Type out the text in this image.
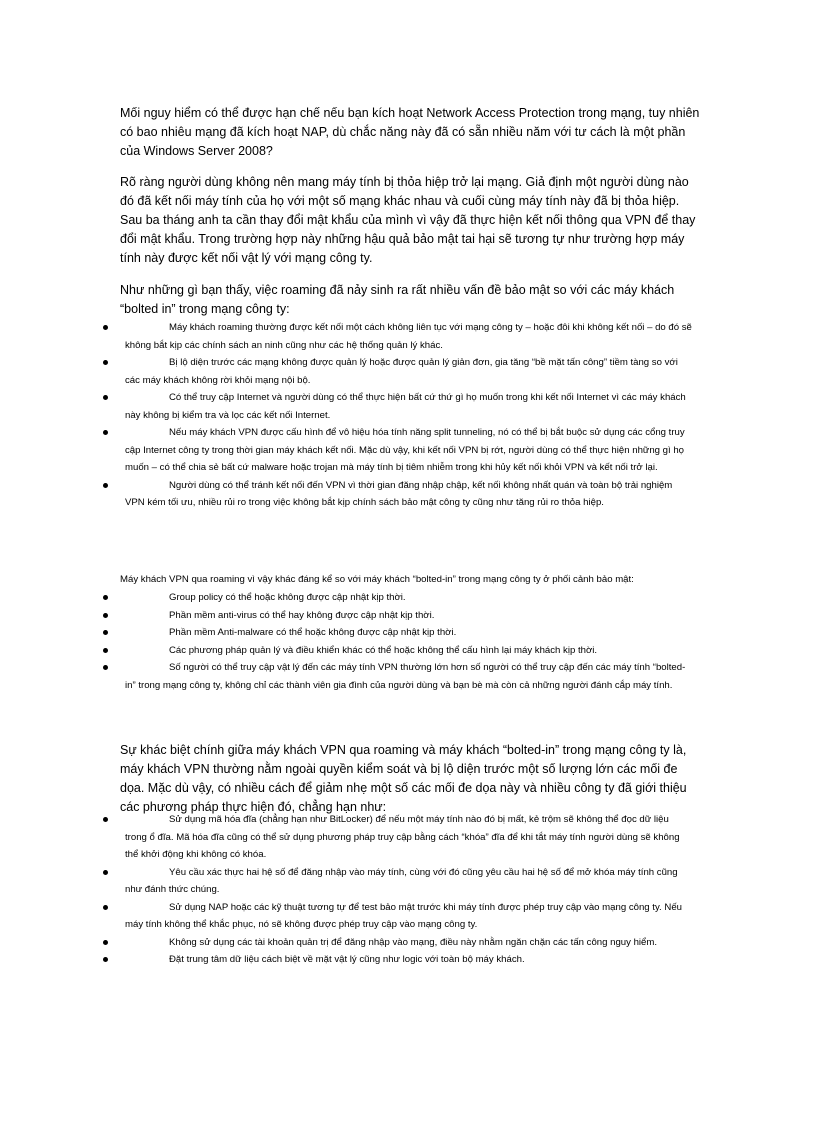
Mối nguy hiểm có thể được hạn chế nếu bạn kích hoạt Network Access Protection trong mạng, tuy nhiên có bao nhiêu mạng đã kích hoạt NAP, dù chắc năng này đã có sẵn nhiều năm với tư cách là một phần của Windows Server 2008?
Rõ ràng người dùng không nên mang máy tính bị thỏa hiệp trở lại mạng. Giả định một người dùng nào đó đã kết nối máy tính của họ với một số mạng khác nhau và cuối cùng máy tính này đã bị thỏa hiệp. Sau ba tháng anh ta cần thay đổi mật khẩu của mình vì vậy đã thực hiện kết nối thông qua VPN để thay đổi mật khẩu. Trong trường hợp này những hậu quả bảo mật tai hại sẽ tương tự như trường hợp máy tính này được kết nối vật lý với mạng công ty.
Như những gì bạn thấy, việc roaming đã nảy sinh ra rất nhiều vấn đề bảo mật so với các máy khách “bolted in” trong mạng công ty:
Máy khách roaming thường được kết nối một cách không liên tục với mạng công ty – hoặc đôi khi không kết nối – do đó sẽ không bắt kịp các chính sách an ninh cũng như các hệ thống quản lý khác.
Bị lộ diện trước các mạng không được quản lý hoặc được quản lý giản đơn, gia tăng “bề mặt tấn công” tiềm tàng so với các máy khách không rời khỏi mạng nội bộ.
Có thể truy cập Internet và người dùng có thể thực hiện bất cứ thứ gì họ muốn trong khi kết nối Internet vì các máy khách này không bị kiểm tra và lọc các kết nối Internet.
Nếu máy khách VPN được cấu hình để vô hiệu hóa tính năng split tunneling, nó có thể bị bắt buộc sử dụng các cổng truy cập Internet công ty trong thời gian máy khách kết nối. Mặc dù vậy, khi kết nối VPN bị rớt, người dùng có thể thực hiện những gì họ muốn – có thể chia sẻ bất cứ malware hoặc trojan mà máy tính bị tiêm nhiễm trong khi hủy kết nối khỏi VPN và kết nối trở lại.
Người dùng có thể tránh kết nối đến VPN vì thời gian đăng nhập chập, kết nối không nhất quán và toàn bộ trải nghiệm VPN kém tối ưu, nhiều rủi ro trong việc không bắt kịp chính sách bảo mật công ty cũng như tăng rủi ro thỏa hiệp.
Máy khách VPN qua roaming vì vậy khác đáng kể so với máy khách “bolted-in” trong mạng công ty ở phối cảnh bảo mật:
Group policy có thể hoặc không được cập nhật kịp thời.
Phần mềm anti-virus có thể hay không được cập nhật kịp thời.
Phần mềm Anti-malware có thể hoặc không được cập nhật kịp thời.
Các phương pháp quản lý và điều khiển khác có thể hoặc không thể cấu hình lại máy khách kịp thời.
Số người có thể truy cập vật lý đến các máy tính VPN thường lớn hơn số người có thể truy cập đến các máy tính “bolted-in” trong mạng công ty, không chỉ các thành viên gia đình của người dùng và bạn bè mà còn cả những người đánh cắp máy tính.
Sự khác biệt chính giữa máy khách VPN qua roaming và máy khách “bolted-in” trong mạng công ty là, máy khách VPN thường nằm ngoài quyền kiểm soát và bị lộ diện trước một số lượng lớn các mối đe dọa. Mặc dù vậy, có nhiều cách để giảm nhẹ một số các mối đe dọa này và nhiều công ty đã giới thiệu các phương pháp thực hiện đó, chẳng hạn như:
Sử dụng mã hóa đĩa (chẳng hạn như BitLocker) để nếu một máy tính nào đó bị mất, kẻ trộm sẽ không thể đọc dữ liệu trong ổ đĩa. Mã hóa đĩa cũng có thể sử dụng phương pháp truy cập bằng cách “khóa” đĩa để khi tắt máy tính người dùng sẽ không thể khởi động khi không có khóa.
Yêu cầu xác thực hai hệ số để đăng nhập vào máy tính, cùng với đó cũng yêu cầu hai hệ số để mở khóa máy tính cũng như đánh thức chúng.
Sử dụng NAP hoặc các kỹ thuật tương tự để test bảo mật trước khi máy tính được phép truy cập vào mạng công ty. Nếu máy tính không thể khắc phục, nó sẽ không được phép truy cập vào mạng công ty.
Không sử dụng các tài khoản quản trị để đăng nhập vào mạng, điều này nhằm ngăn chặn các tấn công nguy hiểm.
Đặt trung tâm dữ liệu cách biệt về mặt vật lý cũng như logic với toàn bộ máy khách.
